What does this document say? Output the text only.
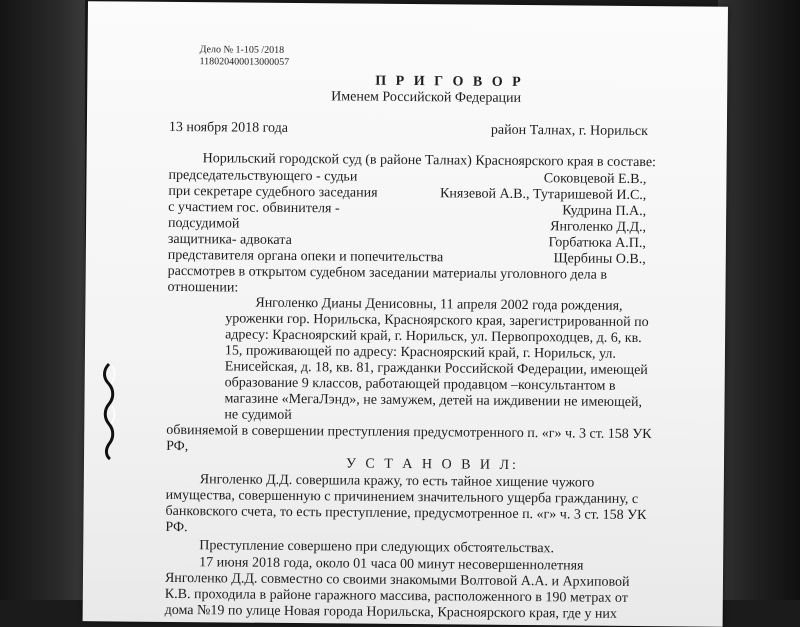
Дело № 1-105 /2018
118020400013000057
П Р И Г О В О Р
Именем Российской Федерации
13 ноября 2018 года	район Талнах, г. Норильск
Норильский городской суд (в районе Талнах) Красноярского края в составе:
председательствующего - судьи	Соковцевой Е.В.,
при секретаре судебного заседания	Князевой А.В., Тутаришевой И.С.,
с участием гос. обвинителя -	Кудрина П.А.,
подсудимой	Янголенко Д.Д.,
защитника- адвоката	Горбатюка А.П.,
представителя органа опеки и попечительства	Щербины О.В.,
рассмотрев в открытом судебном заседании материалы уголовного дела в
отношении:
Янголенко Дианы Денисовны, 11 апреля 2002 года рождения,
уроженки гор. Норильска, Красноярского края, зарегистрированной по
адресу: Красноярский край, г. Норильск, ул. Первопроходцев, д. 6, кв.
15, проживающей по адресу: Красноярский край, г. Норильск, ул.
Енисейская, д. 18, кв. 81, гражданки Российской Федерации, имеющей
образование 9 классов, работающей продавцом –консультантом в
магазине «МегаЛэнд», не замужем, детей на иждивении не имеющей,
не судимой
обвиняемой в совершении преступления предусмотренного п. «г» ч. 3 ст. 158 УК
РФ,
У С Т А Н О В И Л:
Янголенко Д.Д. совершила кражу, то есть тайное хищение чужого
имущества, совершенную с причинением значительного ущерба гражданину, с
банковского счета, то есть преступление, предусмотренное п. «г» ч. 3 ст. 158 УК
РФ.
Преступление совершено при следующих обстоятельствах.
17 июня 2018 года, около 01 часа 00 минут несовершеннолетняя
Янголенко Д.Д. совместно со своими знакомыми Волтовой А.А. и Архиповой
К.В. проходила в районе гаражного массива, расположенного в 190 метрах от
дома №19 по улице Новая города Норильска, Красноярского края, где у них
